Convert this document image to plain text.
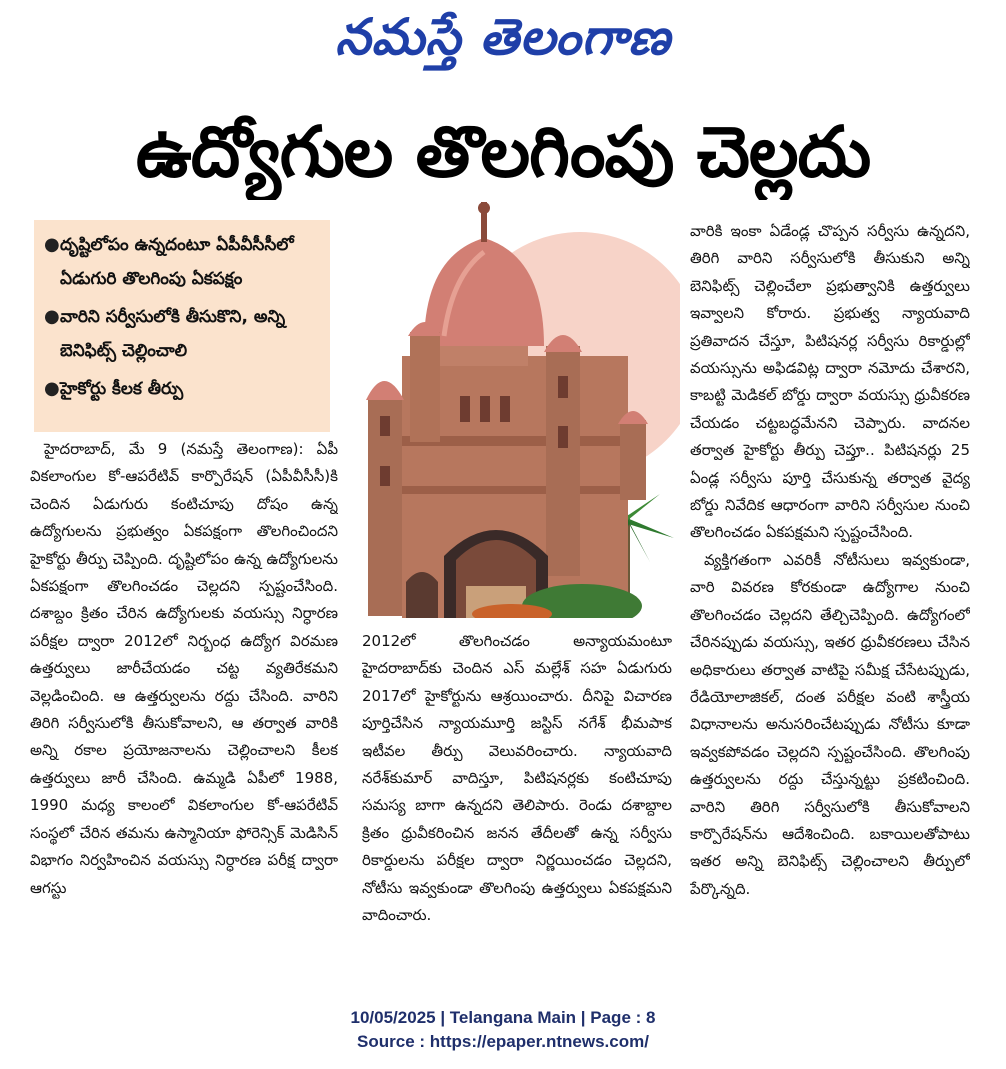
నమస్తే తెలంగాణ
ఉద్యోగుల తొలగింపు చెల్లదు
● దృష్టిలోపం ఉన్నదంటూ ఏపీవీసీసీలో ఏడుగురి తొలగింపు ఏకపక్షం
● వారిని సర్వీసులోకి తీసుకొని, అన్ని బెనిఫిట్స్ చెల్లించాలి
● హైకోర్టు కీలక తీర్పు
హైదరాబాద్, మే 9 (నమస్తే తెలంగాణ): ఏపీ వికలాంగుల కో-ఆపరేటివ్ కార్పొరేషన్ (ఏపీవీసీసీ)కి చెందిన ఏడుగురు కంటిచూపు దోషం ఉన్న ఉద్యోగులను ప్రభుత్వం ఏకపక్షంగా తొలగించిందని హైకోర్టు తీర్పు చెప్పింది. దృష్టిలోపం ఉన్న ఉద్యోగులను ఏకపక్షంగా తొలగించడం చెల్లదని స్పష్టంచేసింది. దశాబ్దం క్రితం చేరిన ఉద్యోగులకు వయస్సు నిర్ధారణ పరీక్షల ద్వారా 2012లో నిర్బంధ ఉద్యోగ విరమణ ఉత్తర్వులు జారీచేయడం చట్ట వ్యతిరేకమని వెల్లడించింది. ఆ ఉత్తర్వులను రద్దు చేసింది. వారిని తిరిగి సర్వీసులోకి తీసుకోవాలని, ఆ తర్వాత వారికి అన్ని రకాల ప్రయోజనాలను చెల్లించాలని కీలక ఉత్తర్వులు జారీ చేసింది. ఉమ్మడి ఏపీలో 1988, 1990 మధ్య కాలంలో వికలాంగుల కో-ఆపరేటివ్ సంస్థలో చేరిన తమను ఉస్మానియా ఫోరెన్సిక్ మెడిసిన్ విభాగం నిర్వహించిన వయస్సు నిర్ధారణ పరీక్ష ద్వారా ఆగస్టు
2012లో తొలగించడం అన్యాయమంటూ హైదరాబాద్‌కు చెందిన ఎస్ మల్లేశ్ సహ ఏడుగురు 2017లో హైకోర్టును ఆశ్రయించారు. దీనిపై విచారణ పూర్తిచేసిన న్యాయమూర్తి జస్టిస్ నగేశ్ భీమపాక ఇటీవల తీర్పు వెలువరించారు. న్యాయవాది నరేశ్‌కుమార్ వాదిస్తూ, పిటిషనర్లకు కంటిచూపు సమస్య బాగా ఉన్నదని తెలిపారు. రెండు దశాబ్దాల క్రితం ధ్రువీకరించిన జనన తేదీలతో ఉన్న సర్వీసు రికార్డులను పరీక్షల ద్వారా నిర్ణయించడం చెల్లదని, నోటీసు ఇవ్వకుండా తొలగింపు ఉత్తర్వులు ఏకపక్షమని వాదించారు.
వారికి ఇంకా ఏడేండ్ల చొప్పన సర్వీసు ఉన్నదని, తిరిగి వారిని సర్వీసులోకి తీసుకుని అన్ని బెనిఫిట్స్ చెల్లించేలా ప్రభుత్వానికి ఉత్తర్వులు ఇవ్వాలని కోరారు. ప్రభుత్వ న్యాయవాది ప్రతివాదన చేస్తూ, పిటిషనర్ల సర్వీసు రికార్డుల్లో వయస్సును అఫిడవిట్ల ద్వారా నమోదు చేశారని, కాబట్టి మెడికల్ బోర్డు ద్వారా వయస్సు ధ్రువీకరణ చేయడం చట్టబద్ధమేనని చెప్పారు. వాదనల తర్వాత హైకోర్టు తీర్పు చెప్తూ.. పిటిషనర్లు 25 ఏండ్ల సర్వీసు పూర్తి చేసుకున్న తర్వాత వైద్య బోర్డు నివేదిక ఆధారంగా వారిని సర్వీసుల నుంచి తొలగించడం ఏకపక్షమని స్పష్టంచేసింది.
వ్యక్తిగతంగా ఎవరికీ నోటీసులు ఇవ్వకుండా, వారి వివరణ కోరకుండా ఉద్యోగాల నుంచి తొలగించడం చెల్లదని తేల్చిచెప్పింది. ఉద్యోగంలో చేరినప్పుడు వయస్సు, ఇతర ధ్రువీకరణలు చేసిన అధికారులు తర్వాత వాటిపై సమీక్ష చేసేటప్పుడు, రేడియోలాజికల్, దంత పరీక్షల వంటి శాస్త్రీయ విధానాలను అనుసరించేటప్పుడు నోటీసు కూడా ఇవ్వకపోవడం చెల్లదని స్పష్టంచేసింది. తొలగింపు ఉత్తర్వులను రద్దు చేస్తున్నట్టు ప్రకటించింది. వారిని తిరిగి సర్వీసులోకి తీసుకోవాలని కార్పొరేషన్‌ను ఆదేశించింది. బకాయిలతోపాటు ఇతర అన్ని బెనిఫిట్స్ చెల్లించాలని తీర్పులో పేర్కొన్నది.
10/05/2025 | Telangana Main | Page : 8
Source : https://epaper.ntnews.com/
